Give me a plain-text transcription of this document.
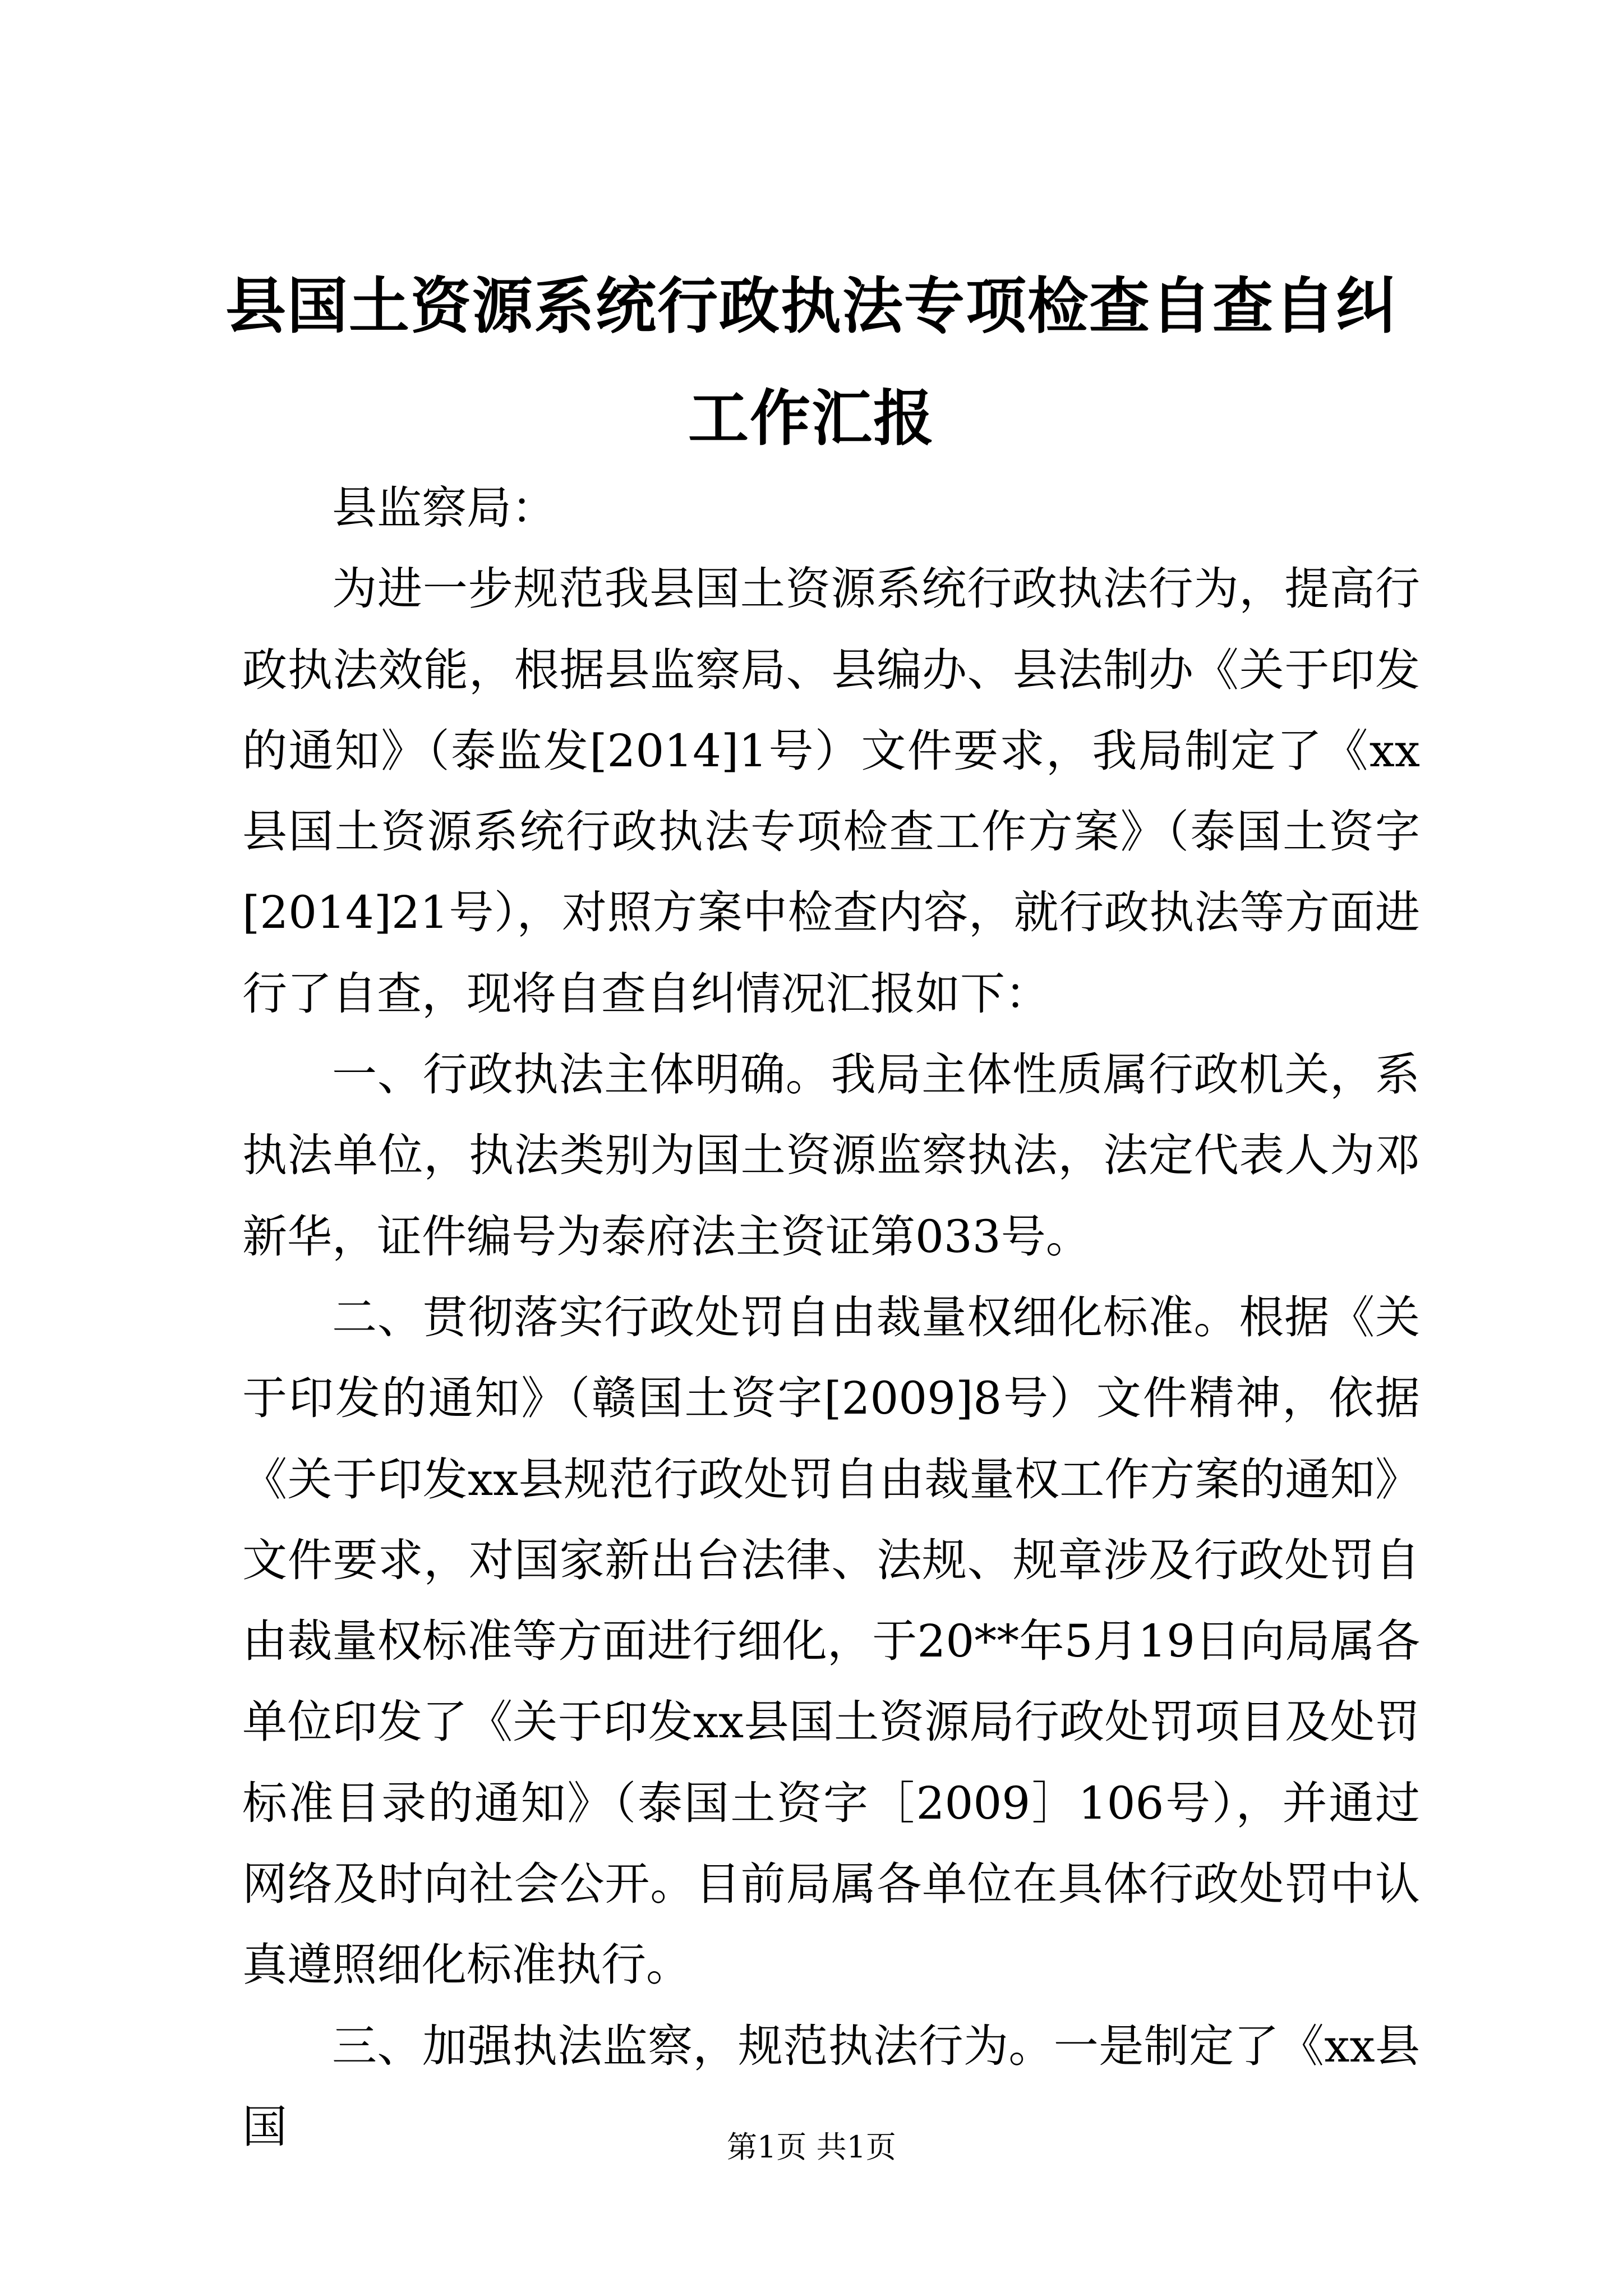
县国土资源系统行政执法专项检查自查自纠工作汇报

县监察局：

为进一步规范我县国土资源系统行政执法行为，提高行政执法效能，根据县监察局、县编办、县法制办《关于印发的通知》（泰监发[2014]1号）文件要求，我局制定了《xx县国土资源系统行政执法专项检查工作方案》（泰国土资字[2014]21号），对照方案中检查内容，就行政执法等方面进行了自查，现将自查自纠情况汇报如下：

一、行政执法主体明确。我局主体性质属行政机关，系执法单位，执法类别为国土资源监察执法，法定代表人为邓新华，证件编号为泰府法主资证第033号。

二、贯彻落实行政处罚自由裁量权细化标准。根据《关于印发的通知》（赣国土资字[2009]8号）文件精神，依据《关于印发xx县规范行政处罚自由裁量权工作方案的通知》文件要求，对国家新出台法律、法规、规章涉及行政处罚自由裁量权标准等方面进行细化，于20**年5月19日向局属各单位印发了《关于印发xx县国土资源局行政处罚项目及处罚标准目录的通知》（泰国土资字［2009］106号），并通过网络及时向社会公开。目前局属各单位在具体行政处罚中认真遵照细化标准执行。

三、加强执法监察，规范执法行为。一是制定了《xx县国	第1页 共1页
